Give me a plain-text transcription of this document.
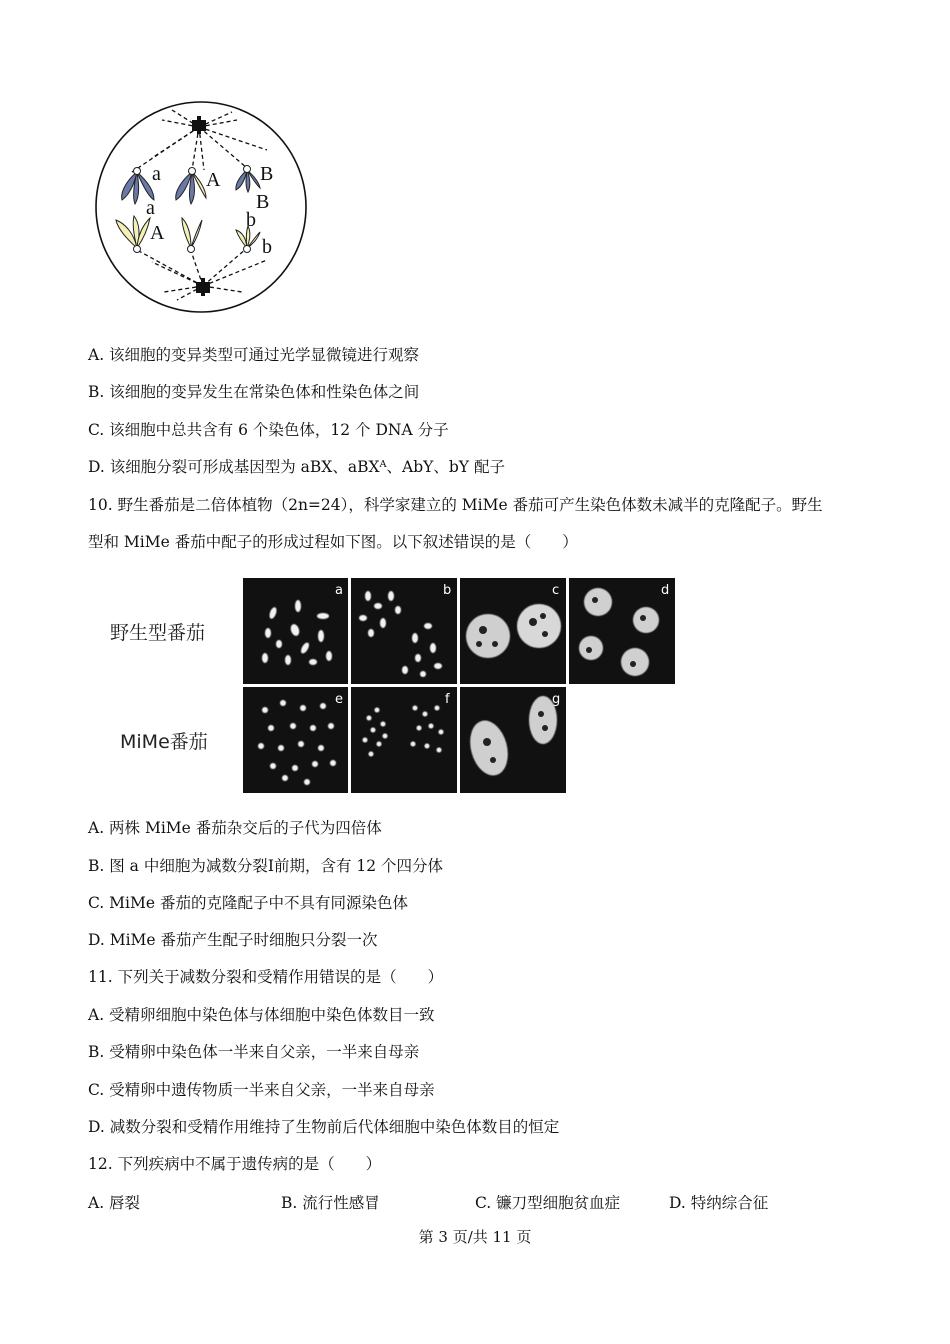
a A B
a
A
B
b
b
A. 该细胞的变异类型可通过光学显微镜进行观察
B. 该细胞的变异发生在常染色体和性染色体之间
C. 该细胞中总共含有 6 个染色体，12 个 DNA 分子
D. 该细胞分裂可形成基因型为 aBX、aBXᴬ、AbY、bY 配子
10. 野生番茄是二倍体植物（2n=24），科学家建立的 MiMe 番茄可产生染色体数未减半的克隆配子。野生
型和 MiMe 番茄中配子的形成过程如下图。以下叙述错误的是（　　）
野生型番茄
MiMe番茄
a	b	c	d
e	f	g
A. 两株 MiMe 番茄杂交后的子代为四倍体
B. 图 a 中细胞为减数分裂Ⅰ前期，含有 12 个四分体
C. MiMe 番茄的克隆配子中不具有同源染色体
D. MiMe 番茄产生配子时细胞只分裂一次
11. 下列关于减数分裂和受精作用错误的是（　　）
A. 受精卵细胞中染色体与体细胞中染色体数目一致
B. 受精卵中染色体一半来自父亲，一半来自母亲
C. 受精卵中遗传物质一半来自父亲，一半来自母亲
D. 减数分裂和受精作用维持了生物前后代体细胞中染色体数目的恒定
12. 下列疾病中不属于遗传病的是（　　）
A. 唇裂	B. 流行性感冒	C. 镰刀型细胞贫血症	D. 特纳综合征
第 3 页/共 11 页
